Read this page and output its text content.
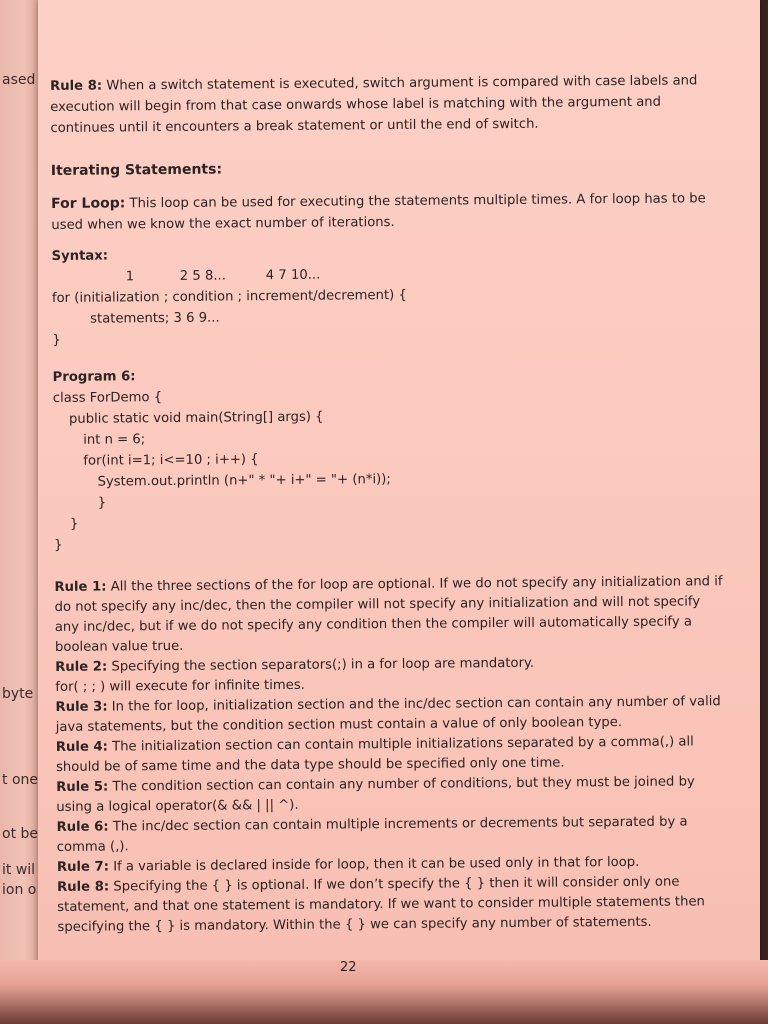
ased
byte
t one
ot be
it wil
ion o

Rule 8: When a switch statement is executed, switch argument is compared with case labels and execution will begin from that case onwards whose label is matching with the argument and continues until it encounters a break statement or until the end of switch.

Iterating Statements:

For Loop: This loop can be used for executing the statements multiple times. A for loop has to be used when we know the exact number of iterations.

Syntax:

1	2 5 8...	4 7 10...

for (initialization ; condition ; increment/decrement) {

statements; 3 6 9...

}

Program 6:

class ForDemo {

public static void main(String[] args) {

int n = 6;

for(int i=1; i<=10 ; i++) {

System.out.println (n+" * "+ i+" = "+ (n*i));

}

}

}

Rule 1: All the three sections of the for loop are optional. If we do not specify any initialization and if do not specify any inc/dec, then the compiler will not specify any initialization and will not specify any inc/dec, but if we do not specify any condition then the compiler will automatically specify a boolean value true.

Rule 2: Specifying the section separators(;) in a for loop are mandatory.

for( ; ; ) will execute for infinite times.

Rule 3: In the for loop, initialization section and the inc/dec section can contain any number of valid java statements, but the condition section must contain a value of only boolean type.

Rule 4: The initialization section can contain multiple initializations separated by a comma(,) all should be of same time and the data type should be specified only one time.

Rule 5: The condition section can contain any number of conditions, but they must be joined by using a logical operator(& && | || ^).

Rule 6: The inc/dec section can contain multiple increments or decrements but separated by a comma (,).

Rule 7: If a variable is declared inside for loop, then it can be used only in that for loop.

Rule 8: Specifying the { } is optional. If we don’t specify the { } then it will consider only one statement, and that one statement is mandatory. If we want to consider multiple statements then specifying the { } is mandatory. Within the { } we can specify any number of statements.

22
